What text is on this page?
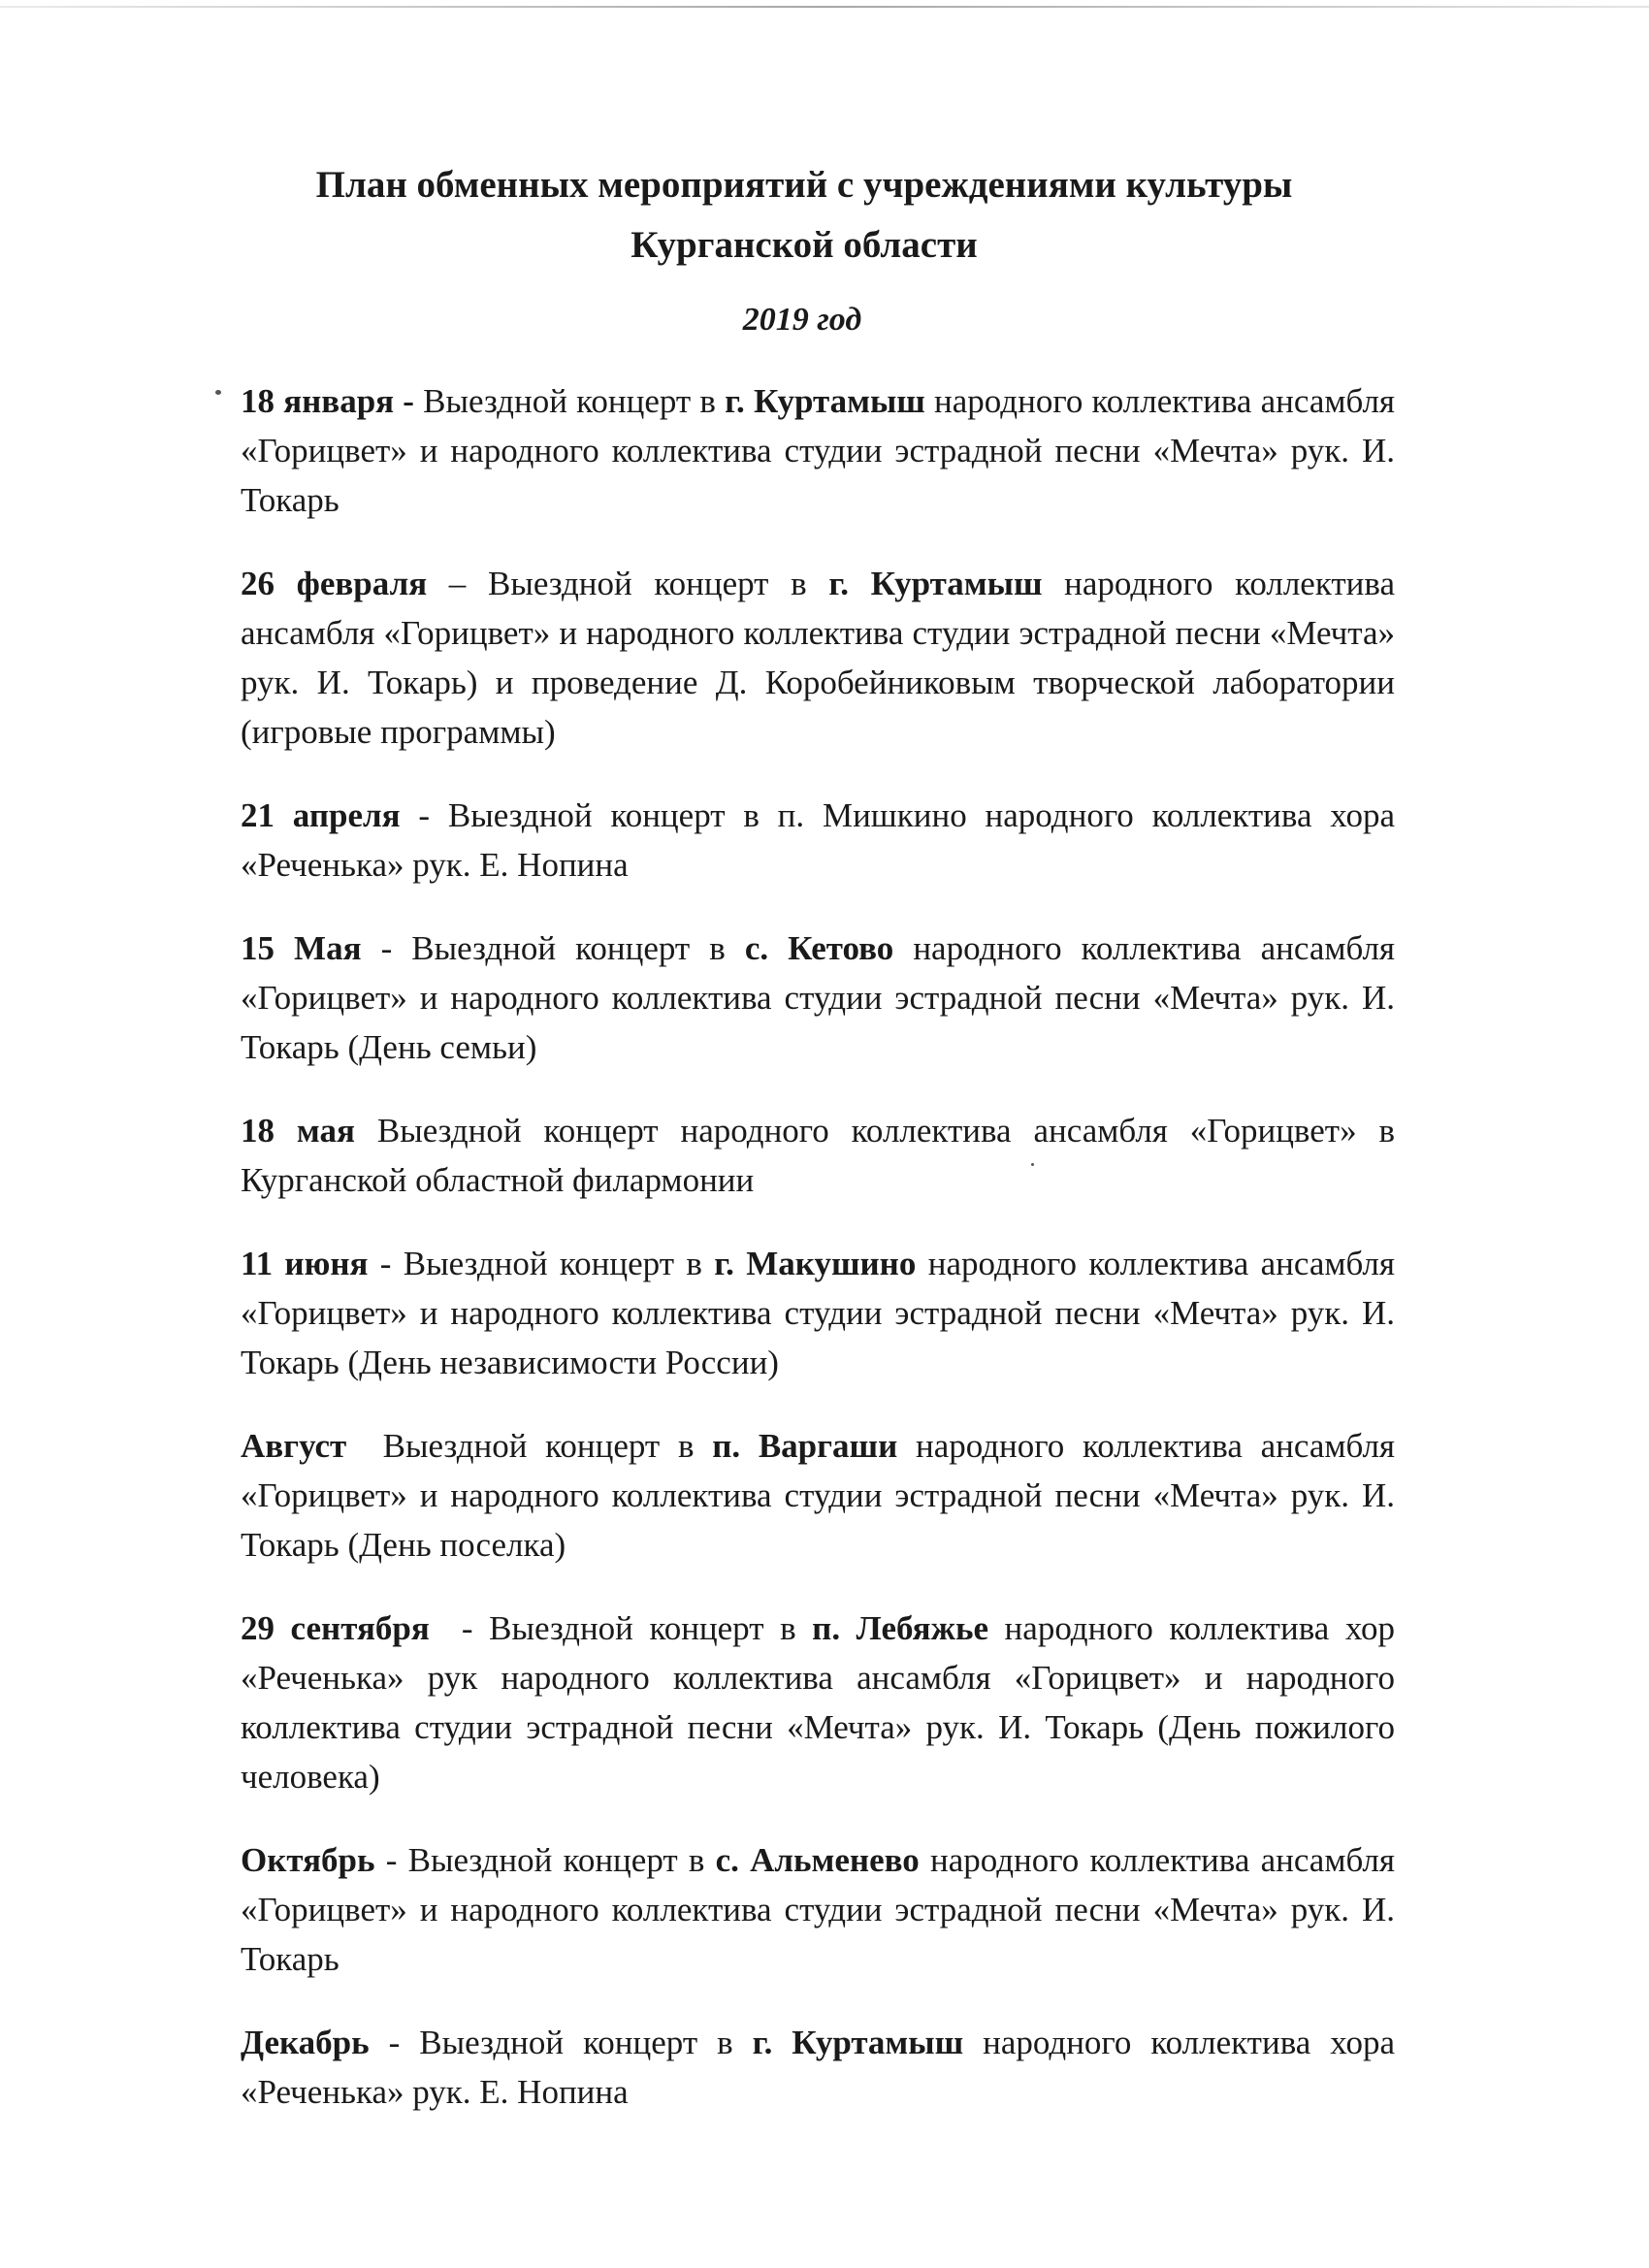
План обменных мероприятий с учреждениями культуры
Курганской области
2019 год

18 января - Выездной концерт в г. Куртамыш народного коллектива ансамбля «Горицвет» и народного коллектива студии эстрадной песни «Мечта» рук. И. Токарь

26 февраля – Выездной концерт в г. Куртамыш народного коллектива ансамбля «Горицвет» и народного коллектива студии эстрадной песни «Мечта» рук. И. Токарь) и проведение Д. Коробейниковым творческой лаборатории (игровые программы)

21 апреля - Выездной концерт в п. Мишкино народного коллектива хора «Реченька» рук. Е. Нопина

15 Мая - Выездной концерт в с. Кетово народного коллектива ансамбля «Горицвет» и народного коллектива студии эстрадной песни «Мечта» рук. И. Токарь (День семьи)

18 мая Выездной концерт народного коллектива ансамбля «Горицвет» в Курганской областной филармонии

11 июня - Выездной концерт в г. Макушино народного коллектива ансамбля «Горицвет» и народного коллектива студии эстрадной песни «Мечта» рук. И. Токарь (День независимости России)

Август Выездной концерт в п. Варгаши народного коллектива ансамбля «Горицвет» и народного коллектива студии эстрадной песни «Мечта» рук. И. Токарь (День поселка)

29 сентября  - Выездной концерт в п. Лебяжье народного коллектива хор «Реченька» рук народного коллектива ансамбля «Горицвет» и народного коллектива студии эстрадной песни «Мечта» рук. И. Токарь (День пожилого человека)

Октябрь - Выездной концерт в с. Альменево народного коллектива ансамбля «Горицвет» и народного коллектива студии эстрадной песни «Мечта» рук. И. Токарь

Декабрь - Выездной концерт в г. Куртамыш народного коллектива хора «Реченька» рук. Е. Нопина
